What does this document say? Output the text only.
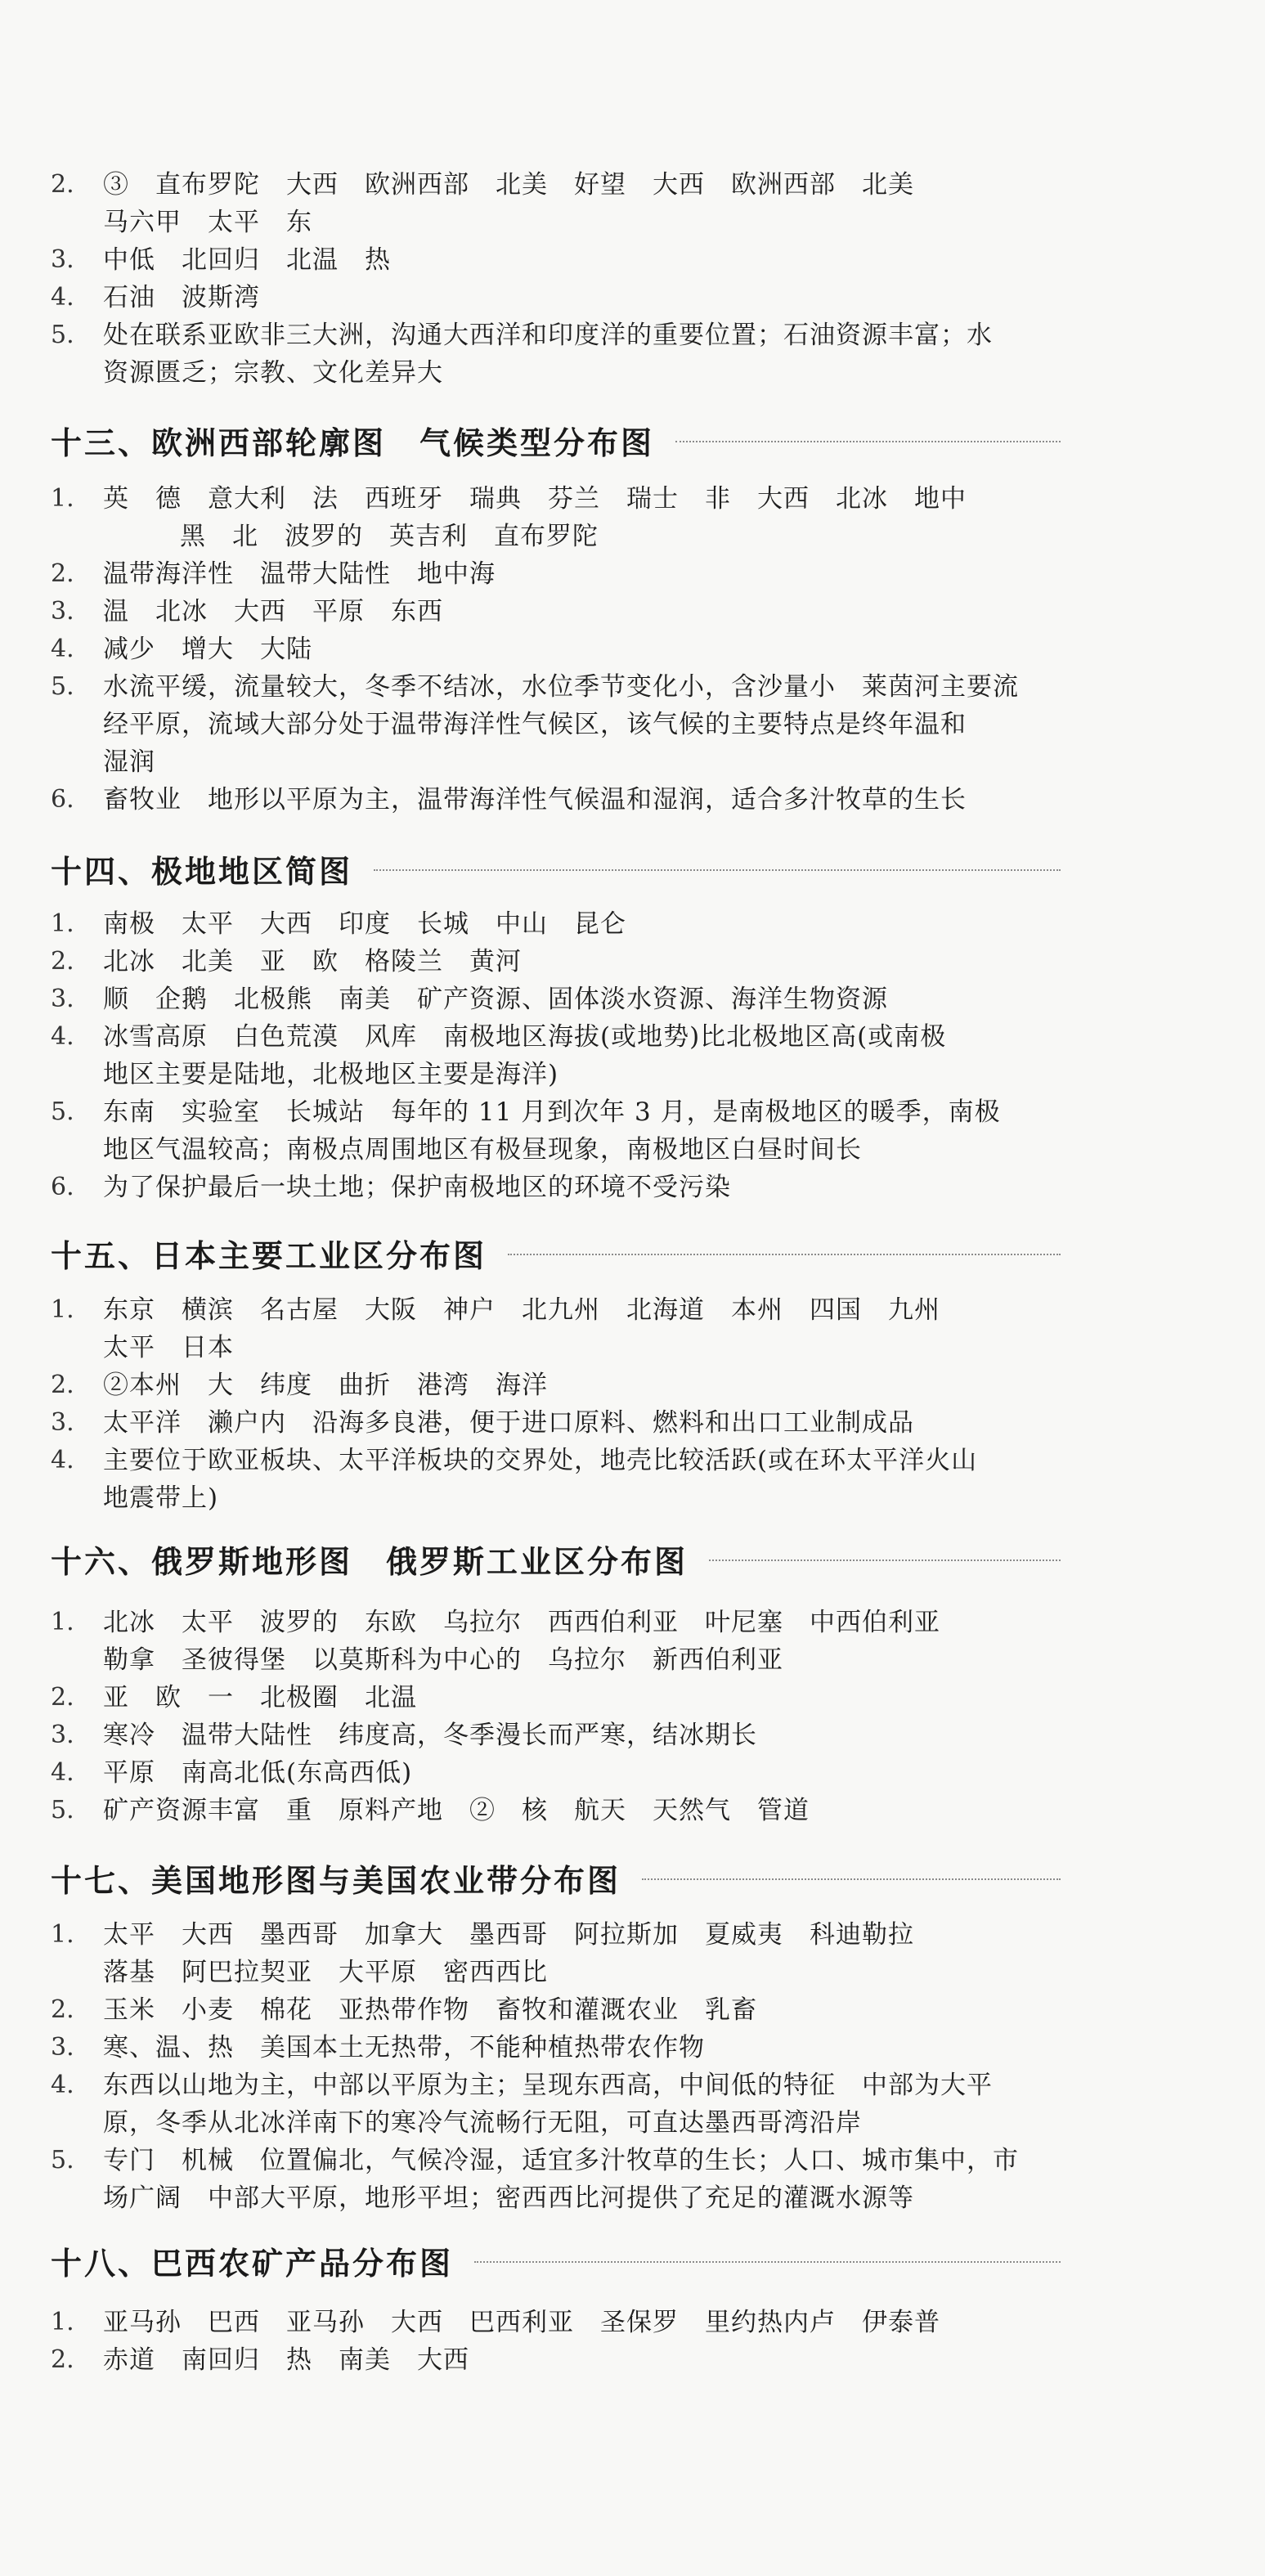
2.	③　直布罗陀　大西　欧洲西部　北美　好望　大西　欧洲西部　北美
马六甲　太平　东
3.	中低　北回归　北温　热
4.	石油　波斯湾
5.	处在联系亚欧非三大洲，沟通大西洋和印度洋的重要位置；石油资源丰富；水
资源匮乏；宗教、文化差异大
十三、欧洲西部轮廓图　气候类型分布图
1.	英　德　意大利　法　西班牙　瑞典　芬兰　瑞士　非　大西　北冰　地中
黑　北　波罗的　英吉利　直布罗陀
2.	温带海洋性　温带大陆性　地中海
3.	温　北冰　大西　平原　东西
4.	减少　增大　大陆
5.	水流平缓，流量较大，冬季不结冰，水位季节变化小，含沙量小　莱茵河主要流
经平原，流域大部分处于温带海洋性气候区，该气候的主要特点是终年温和
湿润
6.	畜牧业　地形以平原为主，温带海洋性气候温和湿润，适合多汁牧草的生长
十四、极地地区简图
1.	南极　太平　大西　印度　长城　中山　昆仑
2.	北冰　北美　亚　欧　格陵兰　黄河
3.	顺　企鹅　北极熊　南美　矿产资源、固体淡水资源、海洋生物资源
4.	冰雪高原　白色荒漠　风库　南极地区海拔(或地势)比北极地区高(或南极
地区主要是陆地，北极地区主要是海洋)
5.	东南　实验室　长城站　每年的 11 月到次年 3 月，是南极地区的暖季，南极
地区气温较高；南极点周围地区有极昼现象，南极地区白昼时间长
6.	为了保护最后一块土地；保护南极地区的环境不受污染
十五、日本主要工业区分布图
1.	东京　横滨　名古屋　大阪　神户　北九州　北海道　本州　四国　九州
太平　日本
2.	②本州　大　纬度　曲折　港湾　海洋
3.	太平洋　濑户内　沿海多良港，便于进口原料、燃料和出口工业制成品
4.	主要位于欧亚板块、太平洋板块的交界处，地壳比较活跃(或在环太平洋火山
地震带上)
十六、俄罗斯地形图　俄罗斯工业区分布图
1.	北冰　太平　波罗的　东欧　乌拉尔　西西伯利亚　叶尼塞　中西伯利亚
勒拿　圣彼得堡　以莫斯科为中心的　乌拉尔　新西伯利亚
2.	亚　欧　一　北极圈　北温
3.	寒冷　温带大陆性　纬度高，冬季漫长而严寒，结冰期长
4.	平原　南高北低(东高西低)
5.	矿产资源丰富　重　原料产地　②　核　航天　天然气　管道
十七、美国地形图与美国农业带分布图
1.	太平　大西　墨西哥　加拿大　墨西哥　阿拉斯加　夏威夷　科迪勒拉
落基　阿巴拉契亚　大平原　密西西比
2.	玉米　小麦　棉花　亚热带作物　畜牧和灌溉农业　乳畜
3.	寒、温、热　美国本土无热带，不能种植热带农作物
4.	东西以山地为主，中部以平原为主；呈现东西高，中间低的特征　中部为大平
原，冬季从北冰洋南下的寒冷气流畅行无阻，可直达墨西哥湾沿岸
5.	专门　机械　位置偏北，气候冷湿，适宜多汁牧草的生长；人口、城市集中，市
场广阔　中部大平原，地形平坦；密西西比河提供了充足的灌溉水源等
十八、巴西农矿产品分布图
1.	亚马孙　巴西　亚马孙　大西　巴西利亚　圣保罗　里约热内卢　伊泰普
2.	赤道　南回归　热　南美　大西
